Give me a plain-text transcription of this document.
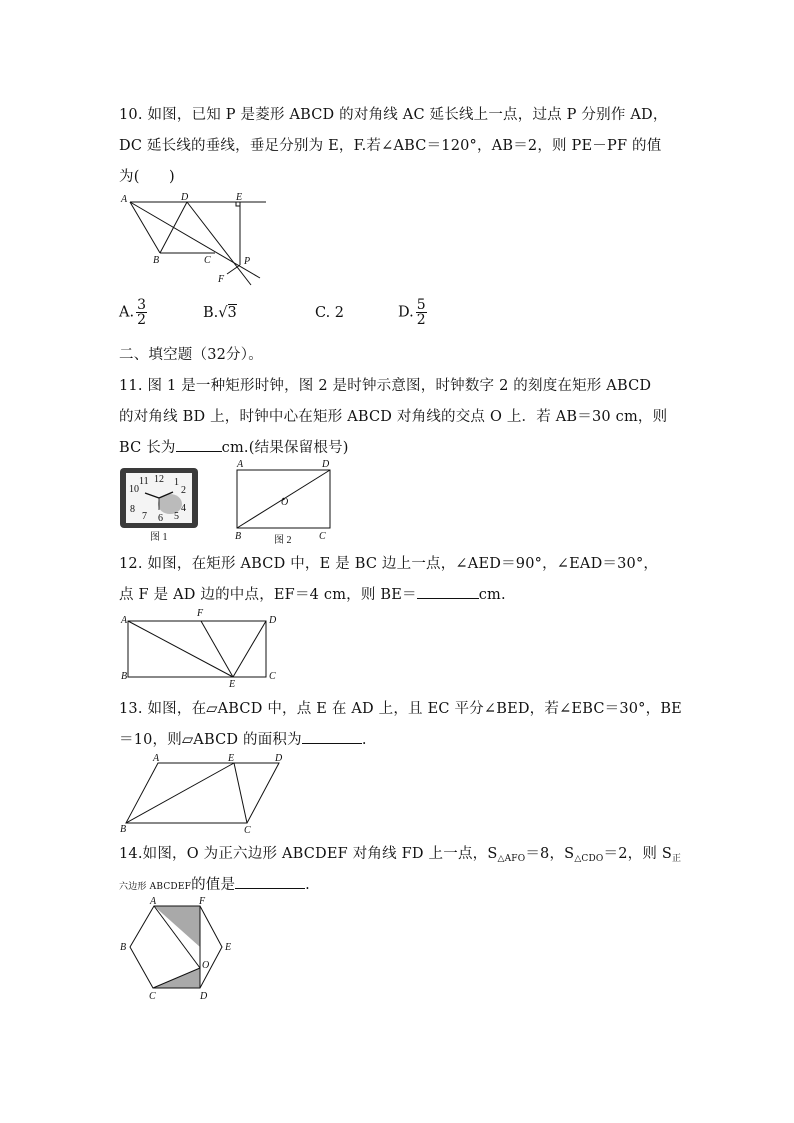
10. 如图，已知 P 是菱形 ABCD 的对角线 AC 延长线上一点，过点 P 分别作 AD，
DC 延长线的垂线，垂足分别为 E，F.若∠ABC＝120°，AB＝2，则 PE－PF 的值
为(　　)
A	D	E
B	C	P
F
A. $\frac{3}{2}$	B.√3	C. 2	D. $\frac{5}{2}$
二、填空题（32分）。
11. 图 1 是一种矩形时钟，图 2 是时钟示意图，时钟数字 2 的刻度在矩形 ABCD
的对角线 BD 上，时钟中心在矩形 ABCD 对角线的交点 O 上．若 AB＝30 cm，则
BC 长为	cm.(结果保留根号)
12 1
2
4
5
6
7
8
10
11
图 1
A	D
O
B	C
图 2
12. 如图，在矩形 ABCD 中，E 是 BC 边上一点，∠AED＝90°，∠EAD＝30°，
点 F 是 AD 边的中点，EF＝4 cm，则 BE＝	cm.
A
F
D
B
E
C
13. 如图，在▱ABCD 中，点 E 在 AD 上，且 EC 平分∠BED，若∠EBC＝30°，BE
＝10，则▱ABCD 的面积为	.
A	E	D
B	C
14.如图，O 为正六边形 ABCDEF 对角线 FD 上一点，$S_{\triangle AFO}=8$，$S_{\triangle CDO}=2$，则 $S_正$
六边形 ABCDEF的值是	.
A	F
B	E
O
C	D
